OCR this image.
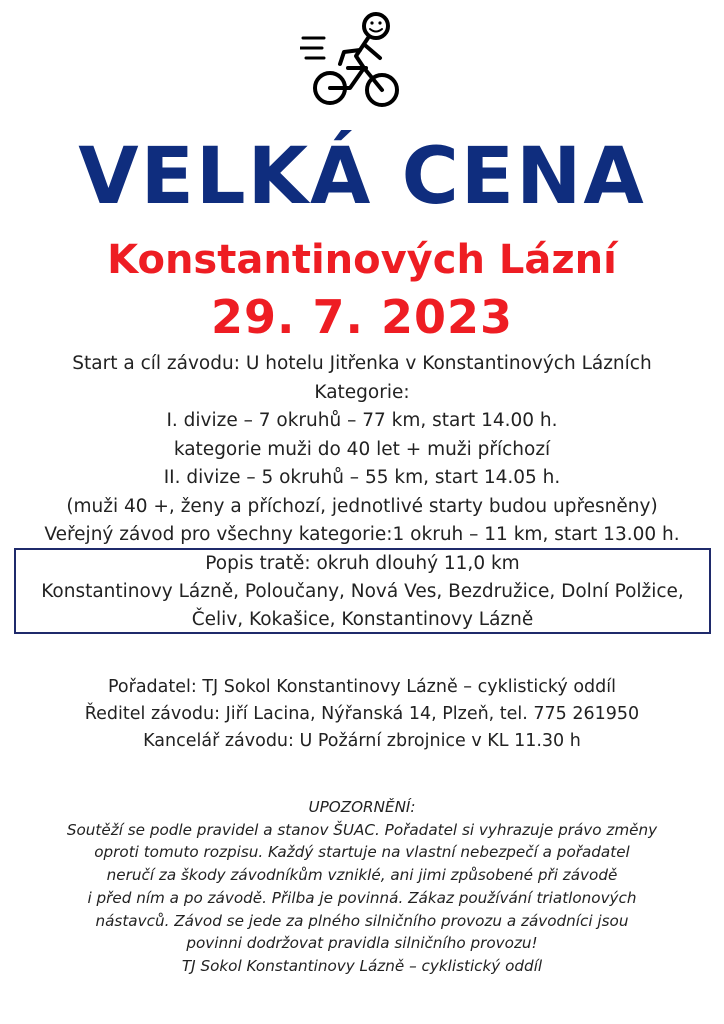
VELKÁ CENA
Konstantinových Lázní
29. 7. 2023
Start a cíl závodu: U hotelu Jitřenka v Konstantinových Lázních
Kategorie:
I. divize – 7 okruhů – 77 km, start 14.00 h.
kategorie muži do 40 let + muži příchozí
II. divize – 5 okruhů – 55 km, start 14.05 h.
(muži 40 +, ženy a příchozí, jednotlivé starty budou upřesněny)
Veřejný závod pro všechny kategorie:1 okruh – 11 km, start 13.00 h.
Popis tratě: okruh dlouhý 11,0 km
Konstantinovy Lázně, Poloučany, Nová Ves, Bezdružice, Dolní Polžice,
Čeliv, Kokašice, Konstantinovy Lázně
Pořadatel: TJ Sokol Konstantinovy Lázně – cyklistický oddíl
Ředitel závodu: Jiří Lacina, Nýřanská 14, Plzeň, tel. 775 261950
Kancelář závodu: U Požární zbrojnice v KL 11.30 h
UPOZORNĚNÍ:
Soutěží se podle pravidel a stanov ŠUAC. Pořadatel si vyhrazuje právo změny
oproti tomuto rozpisu. Každý startuje na vlastní nebezpečí a pořadatel
neručí za škody závodníkům vzniklé, ani jimi způsobené při závodě
i před ním a po závodě. Přilba je povinná. Zákaz používání triatlonových
nástavců. Závod se jede za plného silničního provozu a závodníci jsou
povinni dodržovat pravidla silničního provozu!
TJ Sokol Konstantinovy Lázně – cyklistický oddíl
